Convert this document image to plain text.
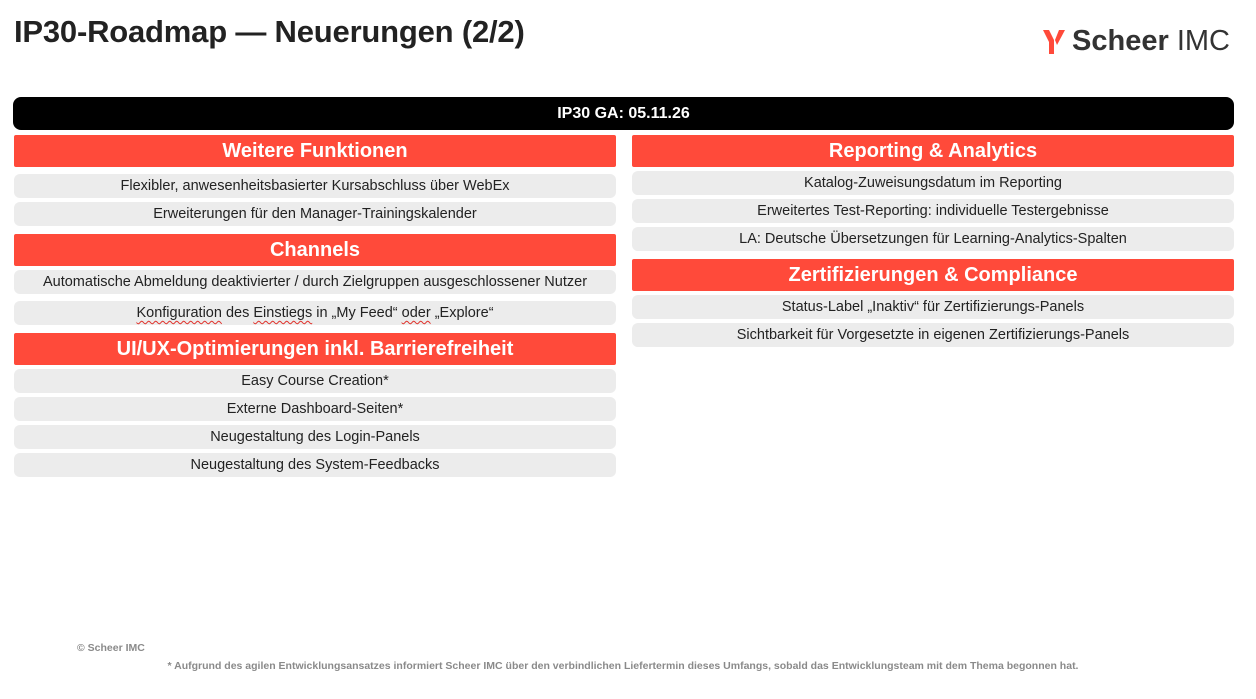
IP30-Roadmap — Neuerungen (2/2)	Scheer IMC
IP30 GA: 05.11.26
Weitere Funktionen
Flexibler, anwesenheitsbasierter Kursabschluss über WebEx
Erweiterungen für den Manager-Trainingskalender
Channels
Automatische Abmeldung deaktivierter / durch Zielgruppen ausgeschlossener Nutzer
Konfiguration des Einstiegs in „My Feed“ oder „Explore“
UI/UX-Optimierungen inkl. Barrierefreiheit
Easy Course Creation*
Externe Dashboard-Seiten*
Neugestaltung des Login-Panels
Neugestaltung des System-Feedbacks
Reporting & Analytics
Katalog-Zuweisungsdatum im Reporting
Erweitertes Test-Reporting: individuelle Testergebnisse
LA: Deutsche Übersetzungen für Learning-Analytics-Spalten
Zertifizierungen & Compliance
Status-Label „Inaktiv“ für Zertifizierungs-Panels
Sichtbarkeit für Vorgesetzte in eigenen Zertifizierungs-Panels
© Scheer IMC
* Aufgrund des agilen Entwicklungsansatzes informiert Scheer IMC über den verbindlichen Liefertermin dieses Umfangs, sobald das Entwicklungsteam mit dem Thema begonnen hat.
